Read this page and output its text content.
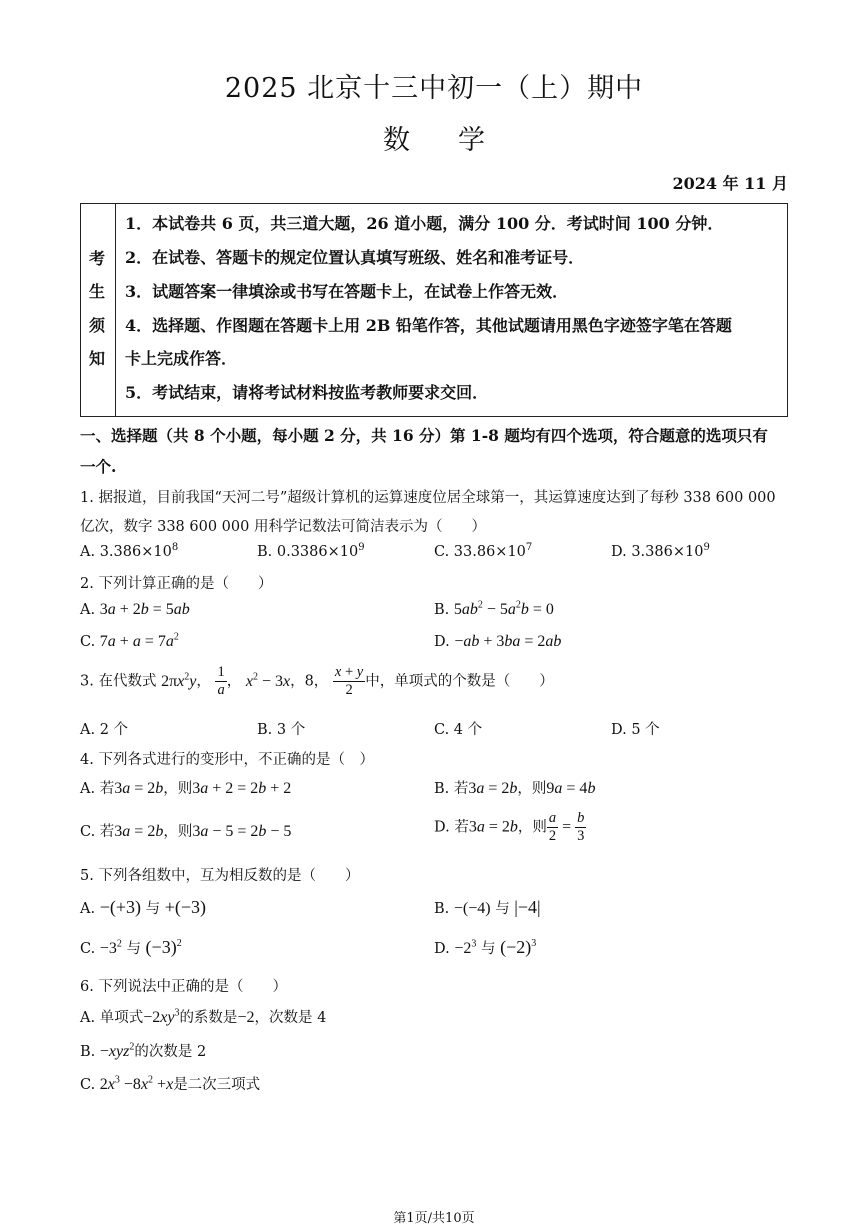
2025 北京十三中初一（上）期中
数学
2024 年 11 月
考
生
须
知
1．本试卷共 6 页，共三道大题，26 道小题，满分 100 分．考试时间 100 分钟．
2．在试卷、答题卡的规定位置认真填写班级、姓名和准考证号．
3．试题答案一律填涂或书写在答题卡上，在试卷上作答无效．
4．选择题、作图题在答题卡上用 2B 铅笔作答，其他试题请用黑色字迹签字笔在答题
卡上完成作答．
5．考试结束，请将考试材料按监考教师要求交回．
一、选择题（共 8 个小题，每小题 2 分，共 16 分）第 1-8 题均有四个选项，符合题意的选项只有
一个.
1. 据报道，目前我国“天河二号”超级计算机的运算速度位居全球第一，其运算速度达到了每秒 338 600 000
亿次，数字 338 600 000 用科学记数法可简洁表示为（　　）
A. $3.386\times 10^8$	B. $0.3386\times 10^9$	C. $33.86\times 10^7$	D. $3.386\times 10^9$
2. 下列计算正确的是（　　）
A. 3a + 2b = 5ab	B. $5ab^2 - 5a^2b = 0$
C. $7a + a = 7a^2$	D. −ab + 3ba = 2ab
3. 在代数式 $2\pi x^2y$， $\frac{1}{a}$ ， $x^2 - 3x$，8， $\frac{x + y}{2}$ 中，单项式的个数是（　　）
A. 2 个	B. 3 个	C. 4 个	D. 5 个
4. 下列各式进行的变形中，不正确的是（　）
A. 若3a = 2b，则3a + 2 = 2b + 2	B. 若3a = 2b，则9a = 4b
C. 若3a = 2b，则3a − 5 = 2b − 5	D. 若3a = 2b，则 $\frac{a}{2} = \frac{b}{3}$
5. 下列各组数中，互为相反数的是（　　）
A. −(+3) 与 +(−3)	B. −(−4) 与 |−4|
C. $-3^2$ 与 $(-3)^2$	D. $-2^3$ 与 $(-2)^3$
6. 下列说法中正确的是（　　）
A. 单项式$-2xy^3$的系数是−2，次数是 4
B. −xyz$^2$的次数是 2
C. $2x^3 -8x^2 +x$是二次三项式
第1页/共10页
